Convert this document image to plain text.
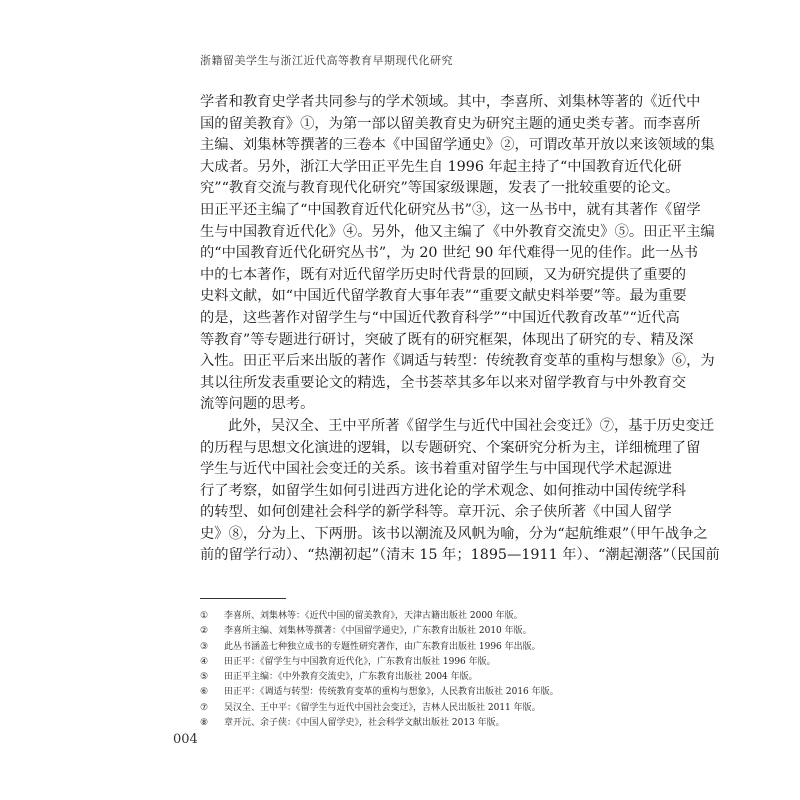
浙籍留美学生与浙江近代高等教育早期现代化研究
学者和教育史学者共同参与的学术领域。其中，李喜所、刘集林等著的《近代中
国的留美教育》①，为第一部以留美教育史为研究主题的通史类专著。而李喜所
主编、刘集林等撰著的三卷本《中国留学通史》②，可谓改革开放以来该领域的集
大成者。另外，浙江大学田正平先生自 1996 年起主持了“中国教育近代化研
究”“教育交流与教育现代化研究”等国家级课题，发表了一批较重要的论文。
田正平还主编了“中国教育近代化研究丛书”③，这一丛书中，就有其著作《留学
生与中国教育近代化》④。另外，他又主编了《中外教育交流史》⑤。田正平主编
的“中国教育近代化研究丛书”，为 20 世纪 90 年代难得一见的佳作。此一丛书
中的七本著作，既有对近代留学历史时代背景的回顾，又为研究提供了重要的
史料文献，如“中国近代留学教育大事年表”“重要文献史料举要”等。最为重要
的是，这些著作对留学生与“中国近代教育科学”“中国近代教育改革”“近代高
等教育”等专题进行研讨，突破了既有的研究框架，体现出了研究的专、精及深
入性。田正平后来出版的著作《调适与转型：传统教育变革的重构与想象》⑥，为
其以往所发表重要论文的精选，全书荟萃其多年以来对留学教育与中外教育交
流等问题的思考。
此外，吴汉全、王中平所著《留学生与近代中国社会变迁》⑦，基于历史变迁
的历程与思想文化演进的逻辑，以专题研究、个案研究分析为主，详细梳理了留
学生与近代中国社会变迁的关系。该书着重对留学生与中国现代学术起源进
行了考察，如留学生如何引进西方进化论的学术观念、如何推动中国传统学科
的转型、如何创建社会科学的新学科等。章开沅、余子侠所著《中国人留学
史》⑧，分为上、下两册。该书以潮流及风帆为喻，分为“起航维艰”（甲午战争之
前的留学行动）、“热潮初起”（清末 15 年；1895—1911 年）、“潮起潮落”（民国前
① 李喜所、刘集林等：《近代中国的留美教育》，天津古籍出版社 2000 年版。
② 李喜所主编、刘集林等撰著：《中国留学通史》，广东教育出版社 2010 年版。
③ 此丛书涵盖七种独立成书的专题性研究著作，由广东教育出版社 1996 年出版。
④ 田正平：《留学生与中国教育近代化》，广东教育出版社 1996 年版。
⑤ 田正平主编：《中外教育交流史》，广东教育出版社 2004 年版。
⑥ 田正平：《调适与转型：传统教育变革的重构与想象》，人民教育出版社 2016 年版。
⑦ 吴汉全、王中平：《留学生与近代中国社会变迁》，吉林人民出版社 2011 年版。
⑧ 章开沅、余子侠：《中国人留学史》，社会科学文献出版社 2013 年版。
004
